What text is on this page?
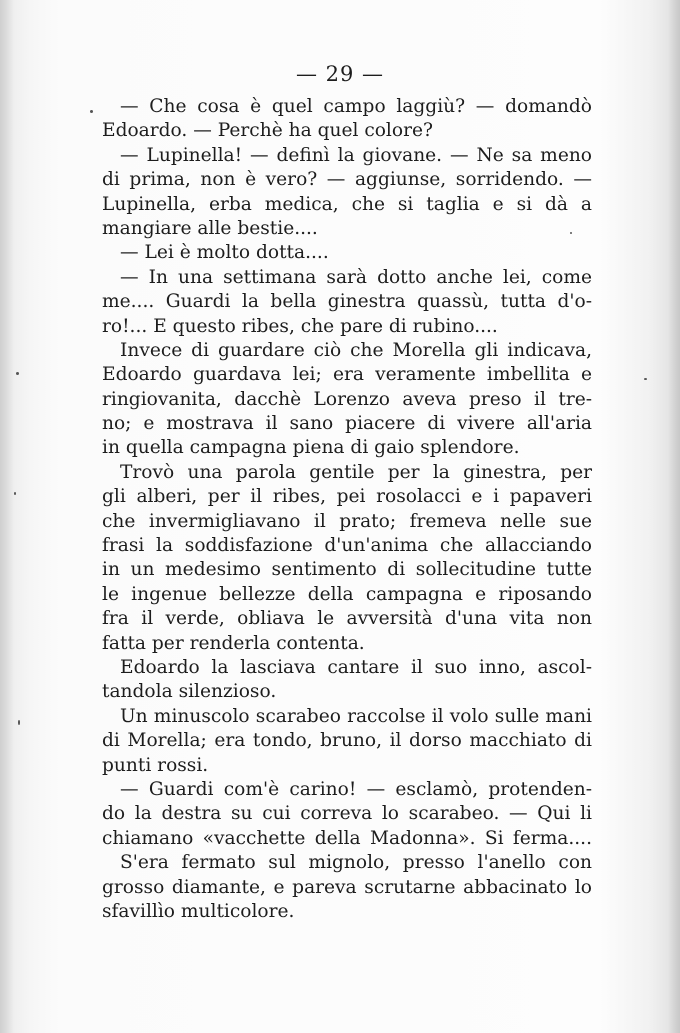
— 29 —
— Che cosa è quel campo laggiù? — domandò
Edoardo. — Perchè ha quel colore?
— Lupinella! — definì la giovane. — Ne sa meno
di prima, non è vero? — aggiunse, sorridendo. —
Lupinella, erba medica, che si taglia e si dà a
mangiare alle bestie....
— Lei è molto dotta....
— In una settimana sarà dotto anche lei, come
me.... Guardi la bella ginestra quassù, tutta d'o-
ro!... E questo ribes, che pare di rubino....
Invece di guardare ciò che Morella gli indicava,
Edoardo guardava lei; era veramente imbellita e
ringiovanita, dacchè Lorenzo aveva preso il tre-
no; e mostrava il sano piacere di vivere all'aria
in quella campagna piena di gaio splendore.
Trovò una parola gentile per la ginestra, per
gli alberi, per il ribes, pei rosolacci e i papaveri
che invermigliavano il prato; fremeva nelle sue
frasi la soddisfazione d'un'anima che allacciando
in un medesimo sentimento di sollecitudine tutte
le ingenue bellezze della campagna e riposando
fra il verde, obliava le avversità d'una vita non
fatta per renderla contenta.
Edoardo la lasciava cantare il suo inno, ascol-
tandola silenzioso.
Un minuscolo scarabeo raccolse il volo sulle mani
di Morella; era tondo, bruno, il dorso macchiato di
punti rossi.
— Guardi com'è carino! — esclamò, protenden-
do la destra su cui correva lo scarabeo. — Qui li
chiamano «vacchette della Madonna». Si ferma....
S'era fermato sul mignolo, presso l'anello con
grosso diamante, e pareva scrutarne abbacinato lo
sfavillìo multicolore.
